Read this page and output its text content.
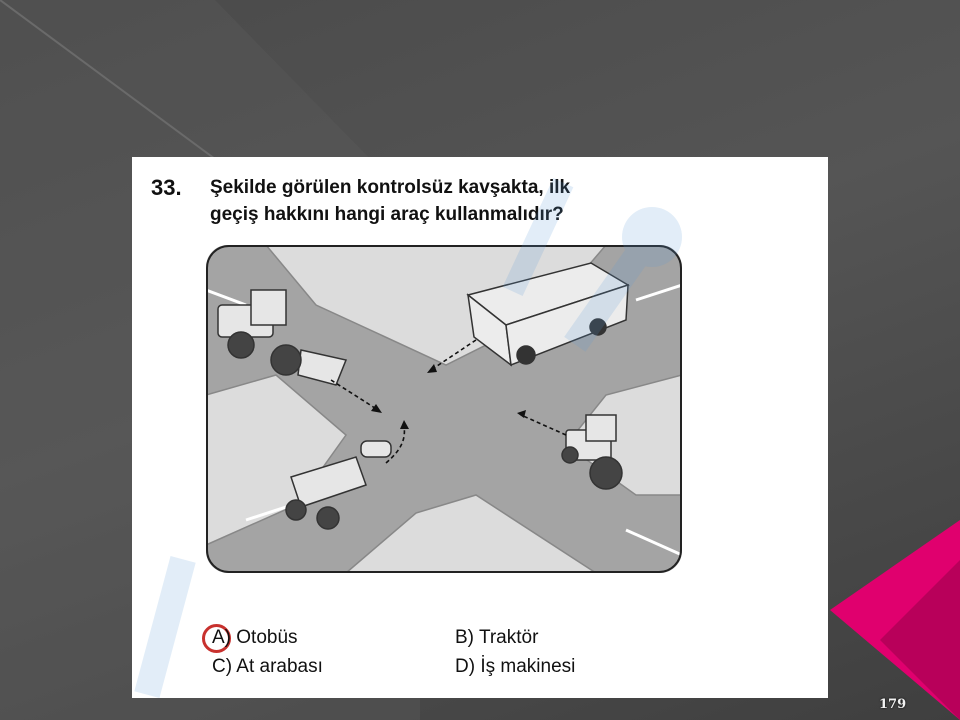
33. Şekilde görülen kontrolsüz kavşakta, ilk
geçiş hakkını hangi araç kullanmalıdır?
A) Otobüs	B) Traktör
C) At arabası	D) İş makinesi
179
